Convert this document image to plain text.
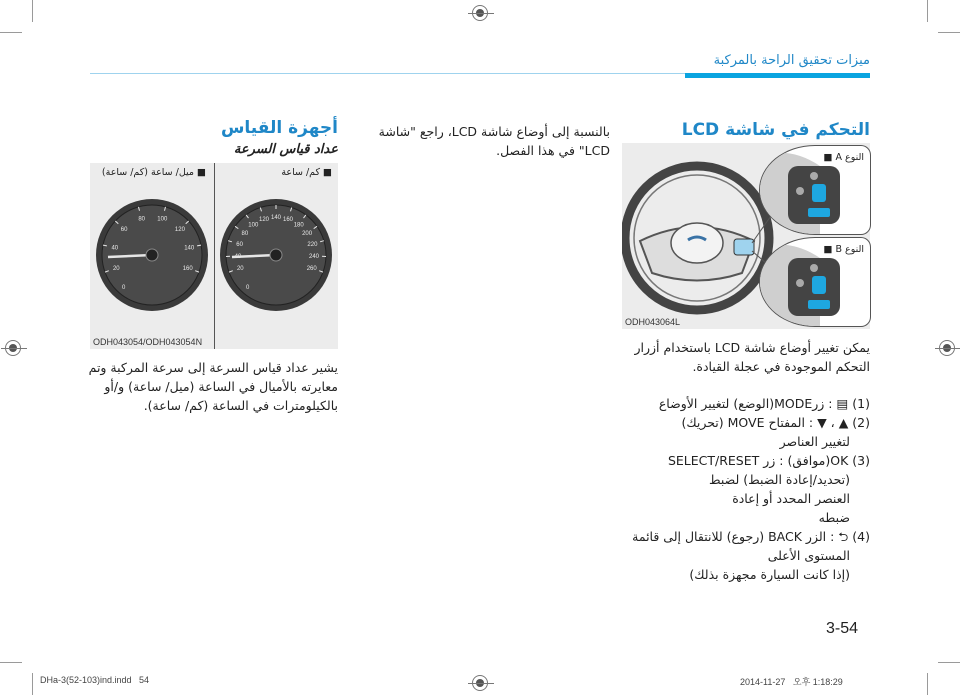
ميزات تحقيق الراحة بالمركبة
التحكم في شاشة LCD
النوع A ■
النوع B ■
ODH043064L
يمكن تغيير أوضاع شاشة LCD باستخدام أزرار التحكم الموجودة في عجلة القيادة.
(1) ▤ : زرMODE(الوضع) لتغيير الأوضاع
(2) ▲ ، ▼ : المفتاح MOVE (تحريك)
لتغيير العناصر
(3) OK(موافق) : زر SELECT/RESET
(تحديد/إعادة الضبط) لضبط
العنصر المحدد أو إعادة
ضبطه
(4) ⮌ : الزر BACK (رجوع) للانتقال إلى قائمة
المستوى الأعلى
(إذا كانت السيارة مجهزة بذلك)
بالنسبة إلى أوضاع شاشة LCD، راجع "شاشة
LCD" في هذا الفصل.
أجهزة القياس
عداد قياس السرعة
■ ميل/ ساعة (كم/ ساعة)	■ كم/ ساعة
20
40
60
80 100
120
140
160
0
20
60
80
100
120 140 160
180
200
220
240
260
0
ODH043054/ODH043054N
يشير عداد قياس السرعة إلى سرعة المركبة وتم
معايرته بالأميال في الساعة (ميل/ ساعة) و/أو
بالكيلومترات في الساعة (كم/ ساعة).
3-54
DHa-3(52-103)ind.indd   54	2014-11-27   오후 1:18:29
